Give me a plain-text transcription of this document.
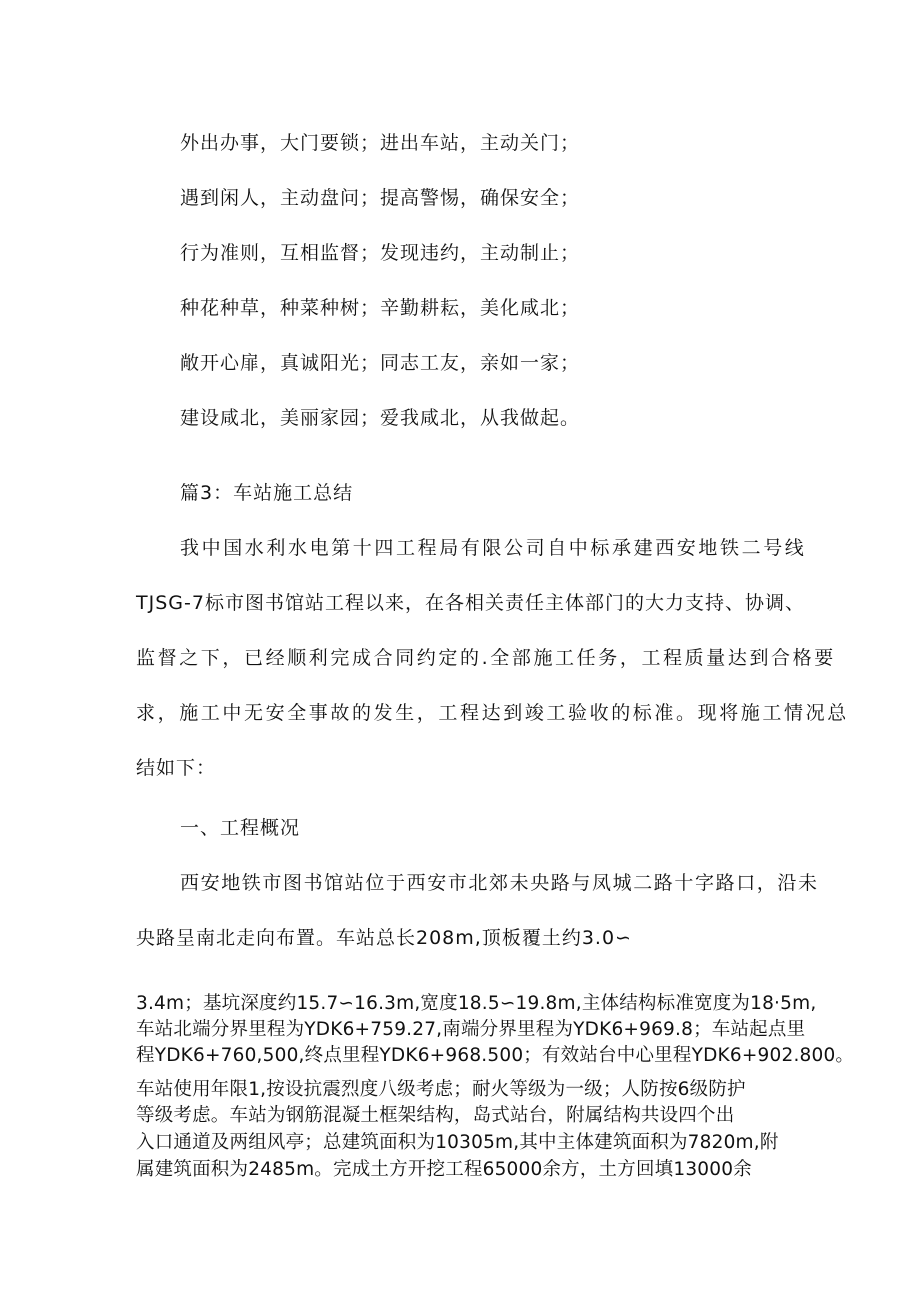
外出办事，大门要锁；进出车站，主动关门；
遇到闲人，主动盘问；提高警惕，确保安全；
行为准则，互相监督；发现违约，主动制止；
种花种草，种菜种树；辛勤耕耘，美化咸北；
敞开心扉，真诚阳光；同志工友，亲如一家；
建设咸北，美丽家园；爱我咸北，从我做起。
篇3：车站施工总结
我中国水利水电第十四工程局有限公司自中标承建西安地铁二号线
TJSG-7标市图书馆站工程以来，在各相关责任主体部门的大力支持、协调、
监督之下，已经顺利完成合同约定的.全部施工任务，工程质量达到合格要
求，施工中无安全事故的发生，工程达到竣工验收的标准。现将施工情况总
结如下：
一、工程概况
西安地铁市图书馆站位于西安市北郊未央路与凤城二路十字路口，沿未
央路呈南北走向布置。车站总长208m,顶板覆土约3.0∽
3.4m；基坑深度约15.7∽16.3m,宽度18.5∽19.8m,主体结构标准宽度为18·5m,
车站北端分界里程为YDK6+759.27,南端分界里程为YDK6+969.8；车站起点里
程YDK6+760,500,终点里程YDK6+968.500；有效站台中心里程YDK6+902.800。
车站使用年限1,按设抗震烈度八级考虑；耐火等级为一级；人防按6级防护
等级考虑。车站为钢筋混凝土框架结构，岛式站台，附属结构共设四个出
入口通道及两组风亭；总建筑面积为10305m,其中主体建筑面积为7820m,附
属建筑面积为2485m。完成土方开挖工程65000余方，土方回填13000余
